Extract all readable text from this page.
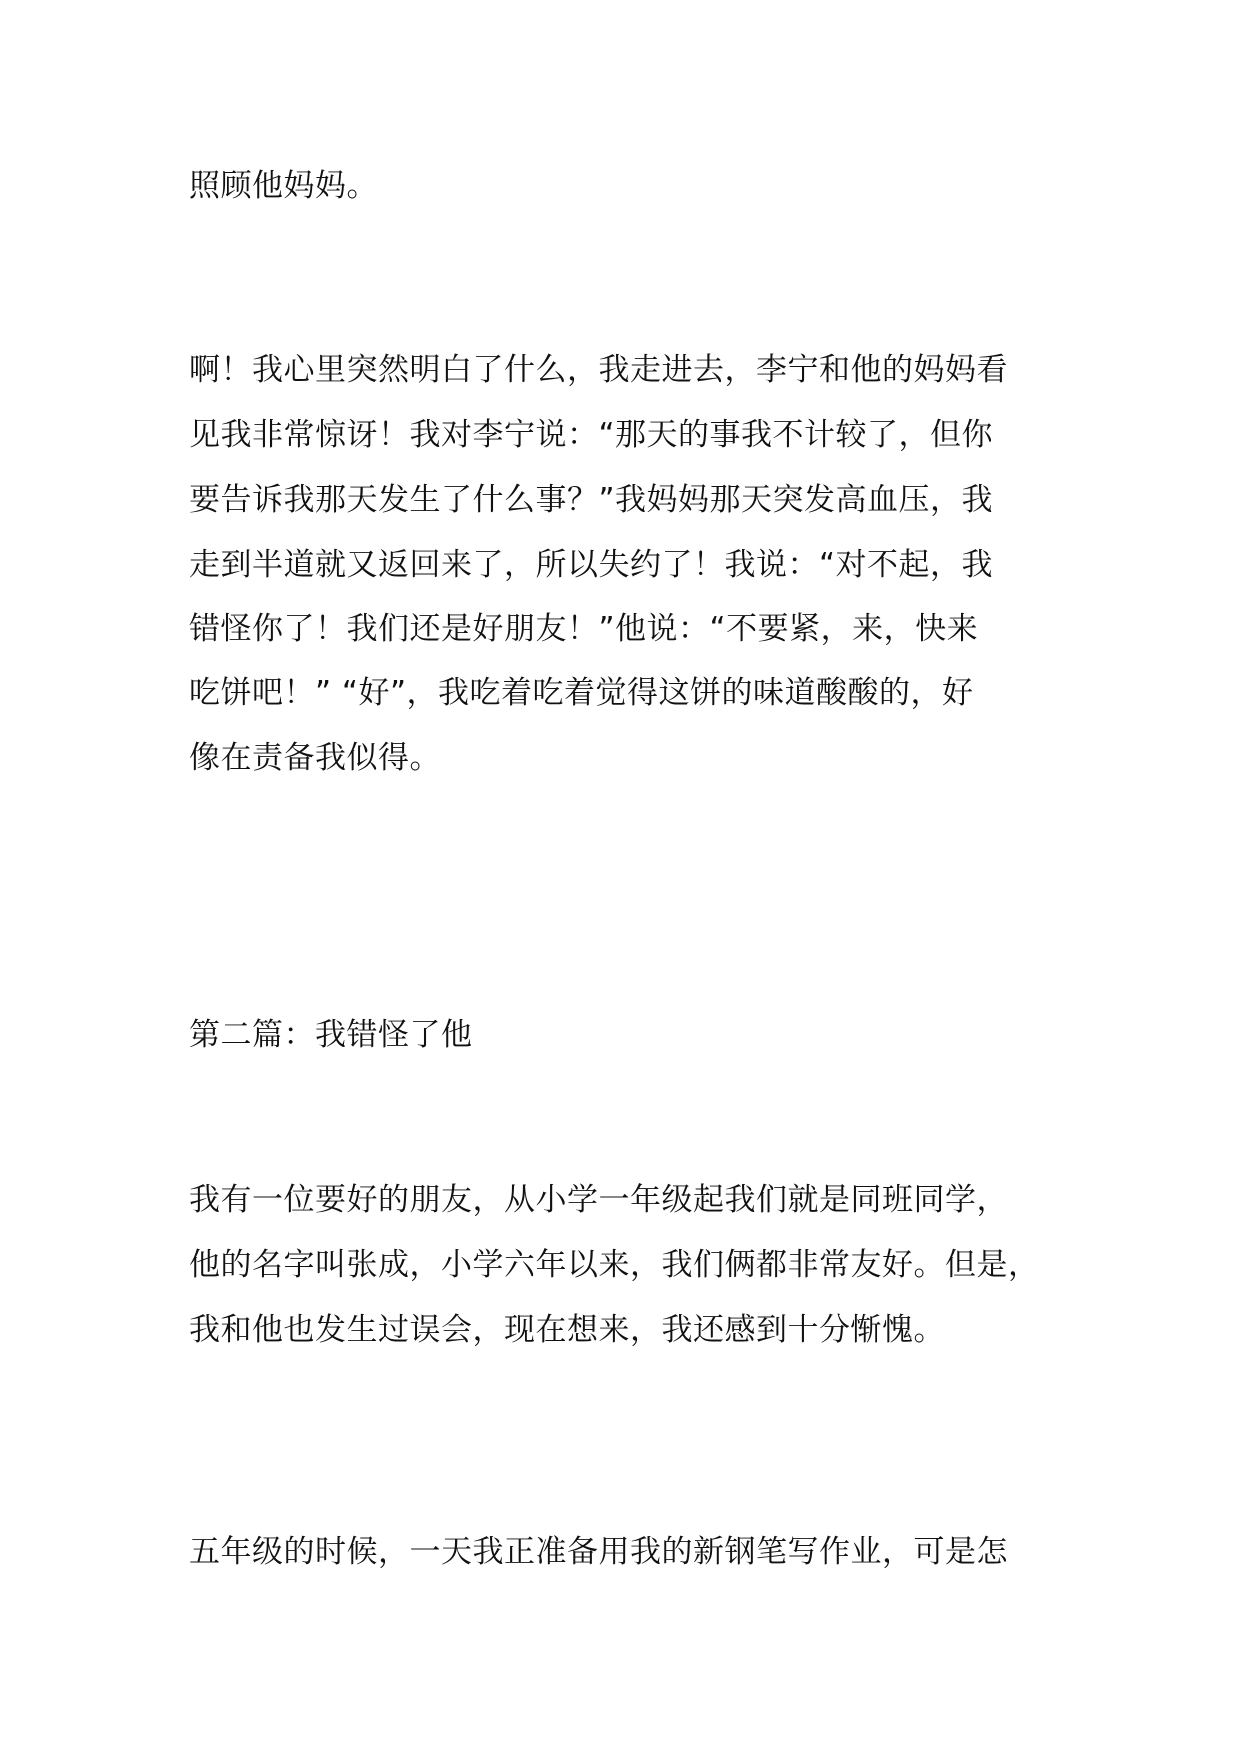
照顾他妈妈。
啊！我心里突然明白了什么，我走进去，李宁和他的妈妈看
见我非常惊讶！我对李宁说：“那天的事我不计较了，但你
要告诉我那天发生了什么事？”我妈妈那天突发高血压，我
走到半道就又返回来了，所以失约了！我说：“对不起，我
错怪你了！我们还是好朋友！”他说：“不要紧，来，快来
吃饼吧！” “好”，我吃着吃着觉得这饼的味道酸酸的，好
像在责备我似得。
第二篇：我错怪了他
我有一位要好的朋友，从小学一年级起我们就是同班同学，
他的名字叫张成，小学六年以来，我们俩都非常友好。但是，
我和他也发生过误会，现在想来，我还感到十分惭愧。
五年级的时候，一天我正准备用我的新钢笔写作业，可是怎
